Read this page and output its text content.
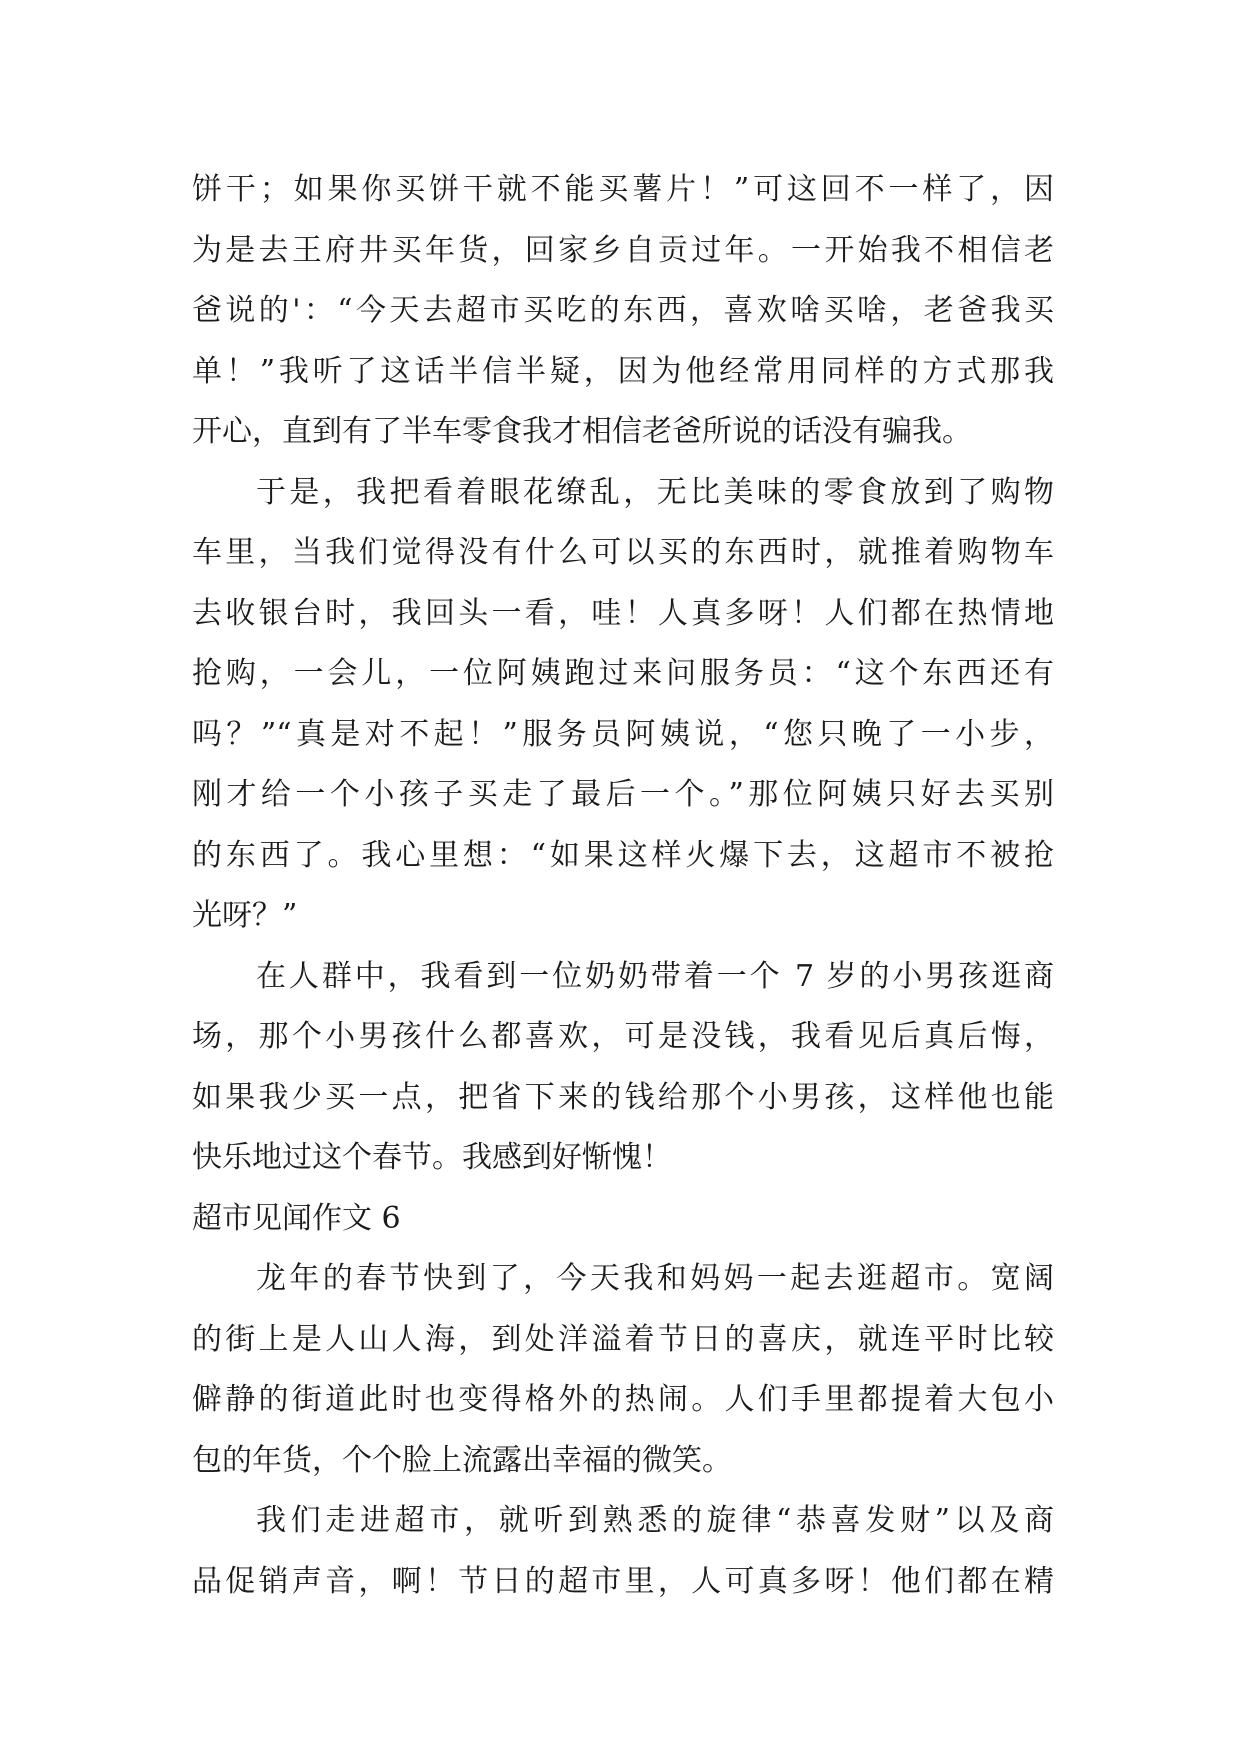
饼干；如果你买饼干就不能买薯片！”可这回不一样了，因
为是去王府井买年货，回家乡自贡过年。一开始我不相信老
爸说的'：“今天去超市买吃的东西，喜欢啥买啥，老爸我买
单！”我听了这话半信半疑，因为他经常用同样的方式那我
开心，直到有了半车零食我才相信老爸所说的话没有骗我。
于是，我把看着眼花缭乱，无比美味的零食放到了购物
车里，当我们觉得没有什么可以买的东西时，就推着购物车
去收银台时，我回头一看，哇！人真多呀！人们都在热情地
抢购，一会儿，一位阿姨跑过来问服务员：“这个东西还有
吗？”“真是对不起！”服务员阿姨说，“您只晚了一小步，
刚才给一个小孩子买走了最后一个。”那位阿姨只好去买别
的东西了。我心里想：“如果这样火爆下去，这超市不被抢
光呀？”
在人群中，我看到一位奶奶带着一个 7 岁的小男孩逛商
场，那个小男孩什么都喜欢，可是没钱，我看见后真后悔，
如果我少买一点，把省下来的钱给那个小男孩，这样他也能
快乐地过这个春节。我感到好惭愧！
超市见闻作文 6
龙年的春节快到了，今天我和妈妈一起去逛超市。宽阔
的街上是人山人海，到处洋溢着节日的喜庆，就连平时比较
僻静的街道此时也变得格外的热闹。人们手里都提着大包小
包的年货，个个脸上流露出幸福的微笑。
我们走进超市，就听到熟悉的旋律“恭喜发财”以及商
品促销声音，啊！节日的超市里，人可真多呀！他们都在精
